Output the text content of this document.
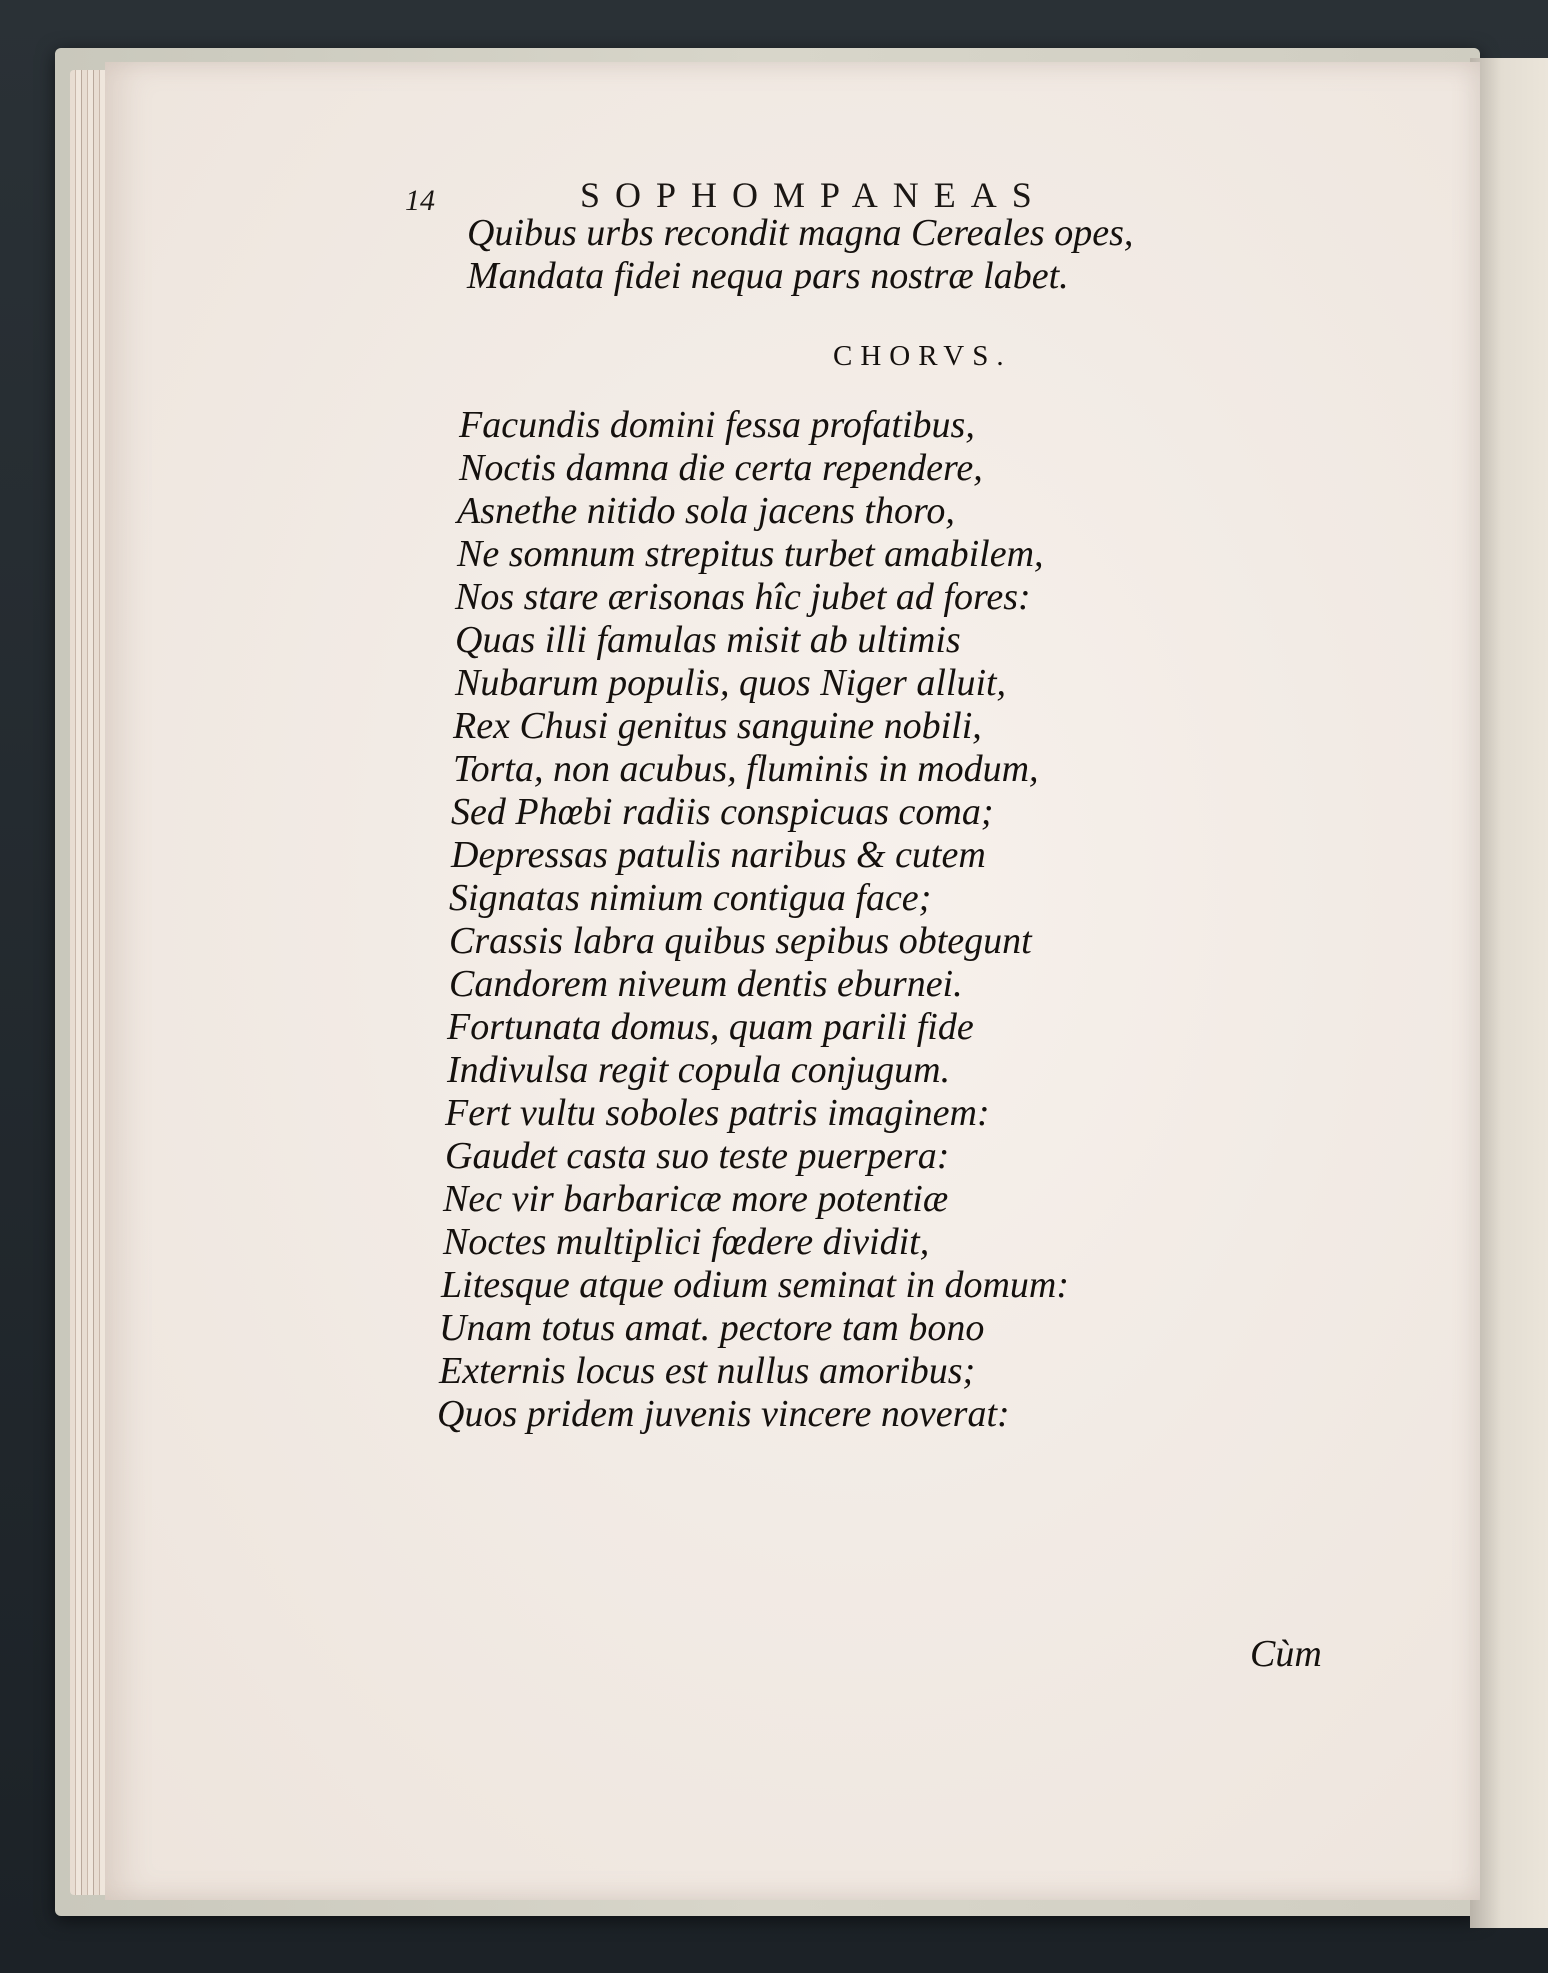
14	SOPHOMPANEAS
Quibus urbs recondit magna Cereales opes,
Mandata fidei nequa pars nostræ labet.
CHORVS.
Facundis domini fessa profatibus,
Noctis damna die certa rependere,
Asnethe nitido sola jacens thoro,
Ne somnum strepitus turbet amabilem,
Nos stare ærisonas hîc jubet ad fores:
Quas illi famulas misit ab ultimis
Nubarum populis, quos Niger alluit,
Rex Chusi genitus sanguine nobili,
Torta, non acubus, fluminis in modum,
Sed Phœbi radiis conspicuas coma;
Depressas patulis naribus & cutem
Signatas nimium contigua face;
Crassis labra quibus sepibus obtegunt
Candorem niveum dentis eburnei.
Fortunata domus, quam parili fide
Indivulsa regit copula conjugum.
Fert vultu soboles patris imaginem:
Gaudet casta suo teste puerpera:
Nec vir barbaricæ more potentiæ
Noctes multiplici fœdere dividit,
Litesque atque odium seminat in domum:
Unam totus amat. pectore tam bono
Externis locus est nullus amoribus;
Quos pridem juvenis vincere noverat:
Cùm
